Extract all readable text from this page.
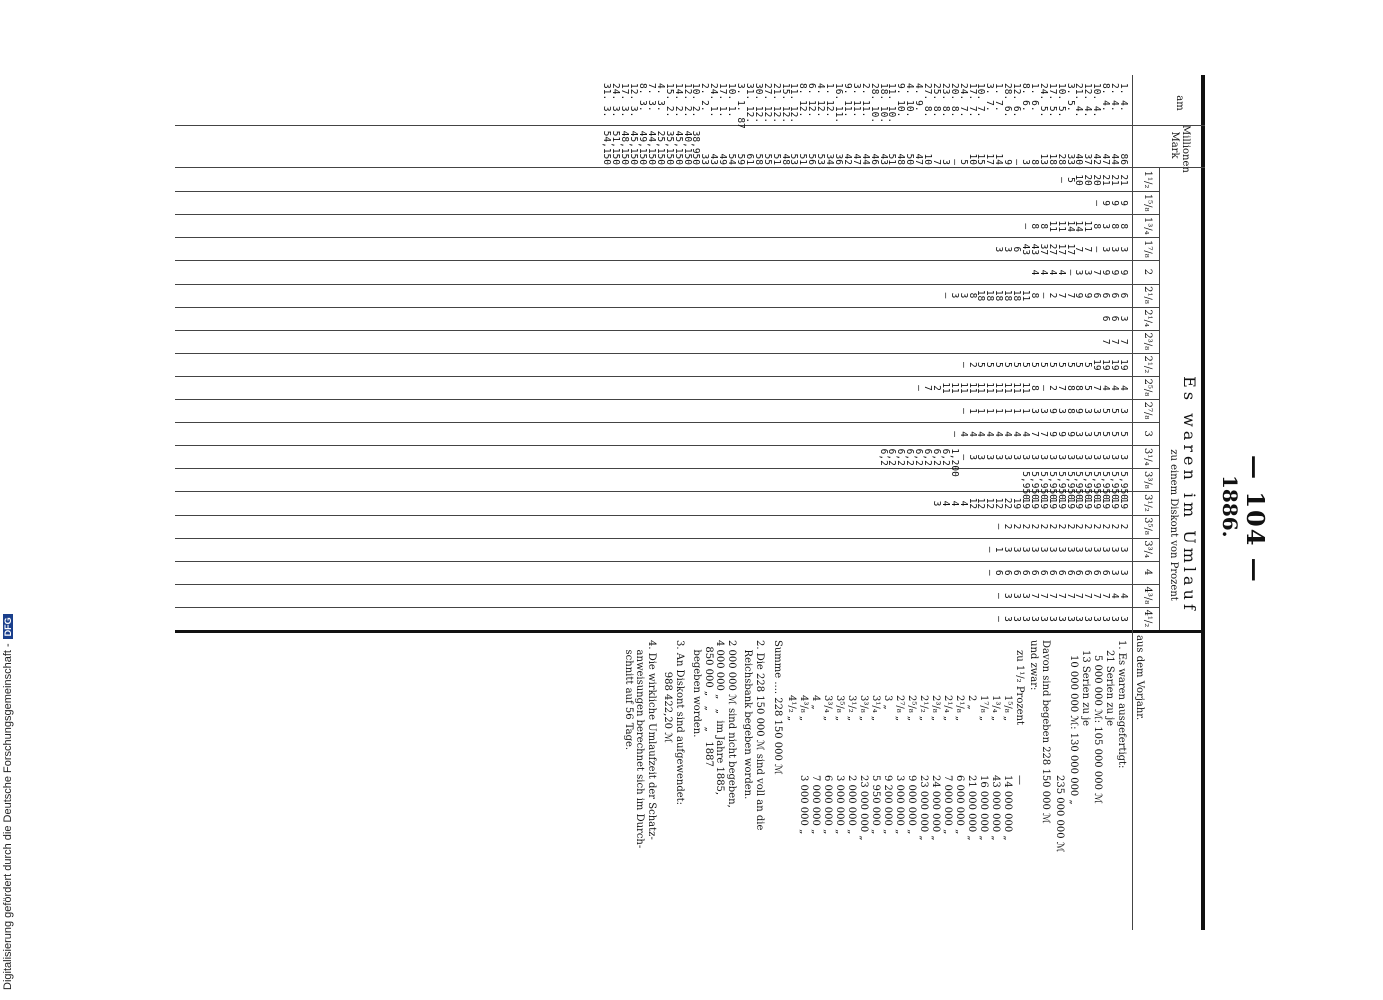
Digitalisierung gefördert durch die Deutsche Forschungsgemeinschaft -DFG
— 104 —
1886.
Es waren im Umlauf
zu einem Diskont von Prozent
am
Millionen Mark
1¹/₂
1⁵/₈
1³/₄
1⁷/₈
2
2¹/₈
2¹/₄
2³/₈
2¹/₂
2⁵/₈
2⁷/₈
3
3¹/₄
3³/₈
3¹/₂
3⁵/₈
3³/₄
4
4³/₈
4¹/₂
aus dem Vorjahr.
1. 4.
2. 4.
8. 4.
10. 4.
12. 4.
21. 4.
3. 5.
10. 5.
17. 5.
24. 5.
1. 6.
8. 6.
12. 6.
28. 6.
1. 7.
3. 7.
10. 7.
17. 7.
24. 7.
20. 8.
23. 8.
25. 8.
27. 8.
4. 9.
4. 10.
9. 10.
11. 10.
18. 10.
28. 10.
2. 11.
3. 11.
9. 11.
16. 11.
1. 12.
4. 12.
6. 12.
8. 12.
11. 12.
15. 12.
21. 12.
27. 12.
30. 12.
31. 12.
3. 1. 87
10. 1.
17. 1.
24. 1.
2. 2.
10. 2.
12. 2.
14. 2.
15. 2.
4. 3.
7. 3.
8. 3.
12. 3.
17. 3.
24. 3.
31. 3.
86
44
47
42
37
40
33
28
18
13
8
3
—
9
14
17
15
10
5
—
3
7
10
47
50
48
51
43
46
44
47
42
36
34
53
56
51
53
48
51
55
58
61
59
54
49
43
33
38,950
40,150
45,150
35,150
25,150
44,150
49,150
45,150
48,150
51,150
54,150
21
21
21
20
20
10
5
—
9
9
9
—
8
8
3
8
11
14
14
11
11
8
8
—
3
3
3
—
7
7
17
17
27
37
43
43
6
3
3
9
9
9
7
3
3
—
4
4
4
4
6
6
6
6
9
9
7
7
2
—
8
11
18
18
18
18
18
8
3
3
—
3
6
6
7
7
7
19
19
19
19
5
5
5
5
5
5
5
5
5
5
5
5
5
2
—
4
4
4
7
5
8
8
7
2
—
8
11
11
11
11
11
11
11
11
11
11
2
7
—
3
5
5
3
3
9
8
3
9
3
3
1
1
1
1
1
1
1
—
5
5
5
5
3
3
9
9
9
7
7
4
4
4
4
4
4
4
4
—
3
3
3
3
3
3
3
3
3
3
3
3
3
3
3
3
3
3
—
1,200
6,2
6,2
6,2
6,2
6,2
6,2
6,2
6,2
5,950
5,950
5,950
5,950
5,950
5,950
5,950
5,950
5,950
5,950
5,950
5,950
19
19
19
19
19
19
19
19
19
19
19
19
19
22
12
12
12
12
4
4
4
3
2
2
2
2
2
2
2
2
2
2
2
2
2
2
—
3
3
3
3
3
3
3
3
3
3
3
3
3
3
1
—
3
3
6
6
6
6
6
6
6
6
6
6
6
6
6
—
4
4
7
7
7
7
7
7
7
7
7
3
3
3
—
3
3
3
3
3
3
3
3
3
3
3
3
3
3
—
1. Es waren ausgefertigt:
21 Serien zu je
5 000 000 ℳ: 105 000 000 ℳ
13 Serien zu je
10 000 000 ℳ: 130 000 000 „
235 000 000 ℳ
Davon sind begeben 228 150 000 ℳ
und zwar:
zu 1¹/₂ Prozent
—
1⁵/₈ „
14 000 000 „
1³/₄ „
43 000 000 „
1⁷/₈ „
16 000 000 „
2 „
21 000 000 „
2¹/₈ „
6 000 000 „
2¹/₄ „
7 000 000 „
2³/₈ „
24 000 000 „
2¹/₂ „
23 000 000 „
2⁵/₈ „
9 000 000 „
2⁷/₈ „
3 000 000 „
3 „
9 200 000 „
3¹/₄ „
5 950 000 „
3³/₈ „
23 000 000 „
3¹/₂ „
2 000 000 „
3⁵/₈ „
3 000 000 „
3³/₄ „
6 000 000 „
4 „
7 000 000 „
4³/₈ „
3 000 000 „
4¹/₂ „
Summe .... 228 150 000 ℳ
2. Die 228 150 000 ℳ sind voll an die
Reichsbank begeben worden.
2 000 000 ℳ sind nicht begeben,
4 000 000 „   „  im Jahre 1885,
850 000 „   „     „   1887
begeben worden.
3. An Diskont sind aufgewendet:
988 422,20 ℳ
4. Die wirkliche Umlaufzeit der Schatz-
anweisungen berechnet sich im Durch-
schnitt auf 56 Tage.
